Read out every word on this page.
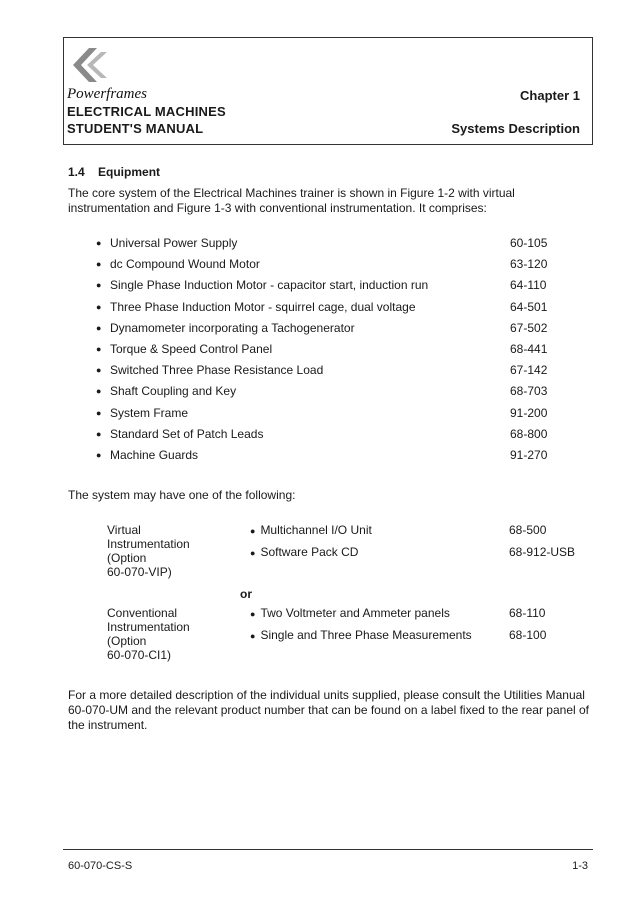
Powerframes
ELECTRICAL MACHINES
STUDENT'S MANUAL
Chapter 1
Systems Description
1.4    Equipment
The core system of the Electrical Machines trainer is shown in Figure 1-2 with virtual
instrumentation and Figure 1-3 with conventional instrumentation. It comprises:
● Universal Power Supply	60-105
● dc Compound Wound Motor	63-120
● Single Phase Induction Motor - capacitor start, induction run	64-110
● Three Phase Induction Motor - squirrel cage, dual voltage	64-501
● Dynamometer incorporating a Tachogenerator	67-502
● Torque & Speed Control Panel	68-441
● Switched Three Phase Resistance Load	67-142
● Shaft Coupling and Key	68-703
● System Frame	91-200
● Standard Set of Patch Leads	68-800
● Machine Guards	91-270
The system may have one of the following:
Virtual
Instrumentation
(Option
60-070-VIP)
● Multichannel I/O Unit	68-500
● Software Pack CD	68-912-USB
or
Conventional
Instrumentation
(Option
60-070-CI1)
● Two Voltmeter and Ammeter panels	68-110
● Single and Three Phase Measurements	68-100
For a more detailed description of the individual units supplied, please consult the Utilities Manual
60-070-UM and the relevant product number that can be found on a label fixed to the rear panel of
the instrument.
60-070-CS-S	1-3
